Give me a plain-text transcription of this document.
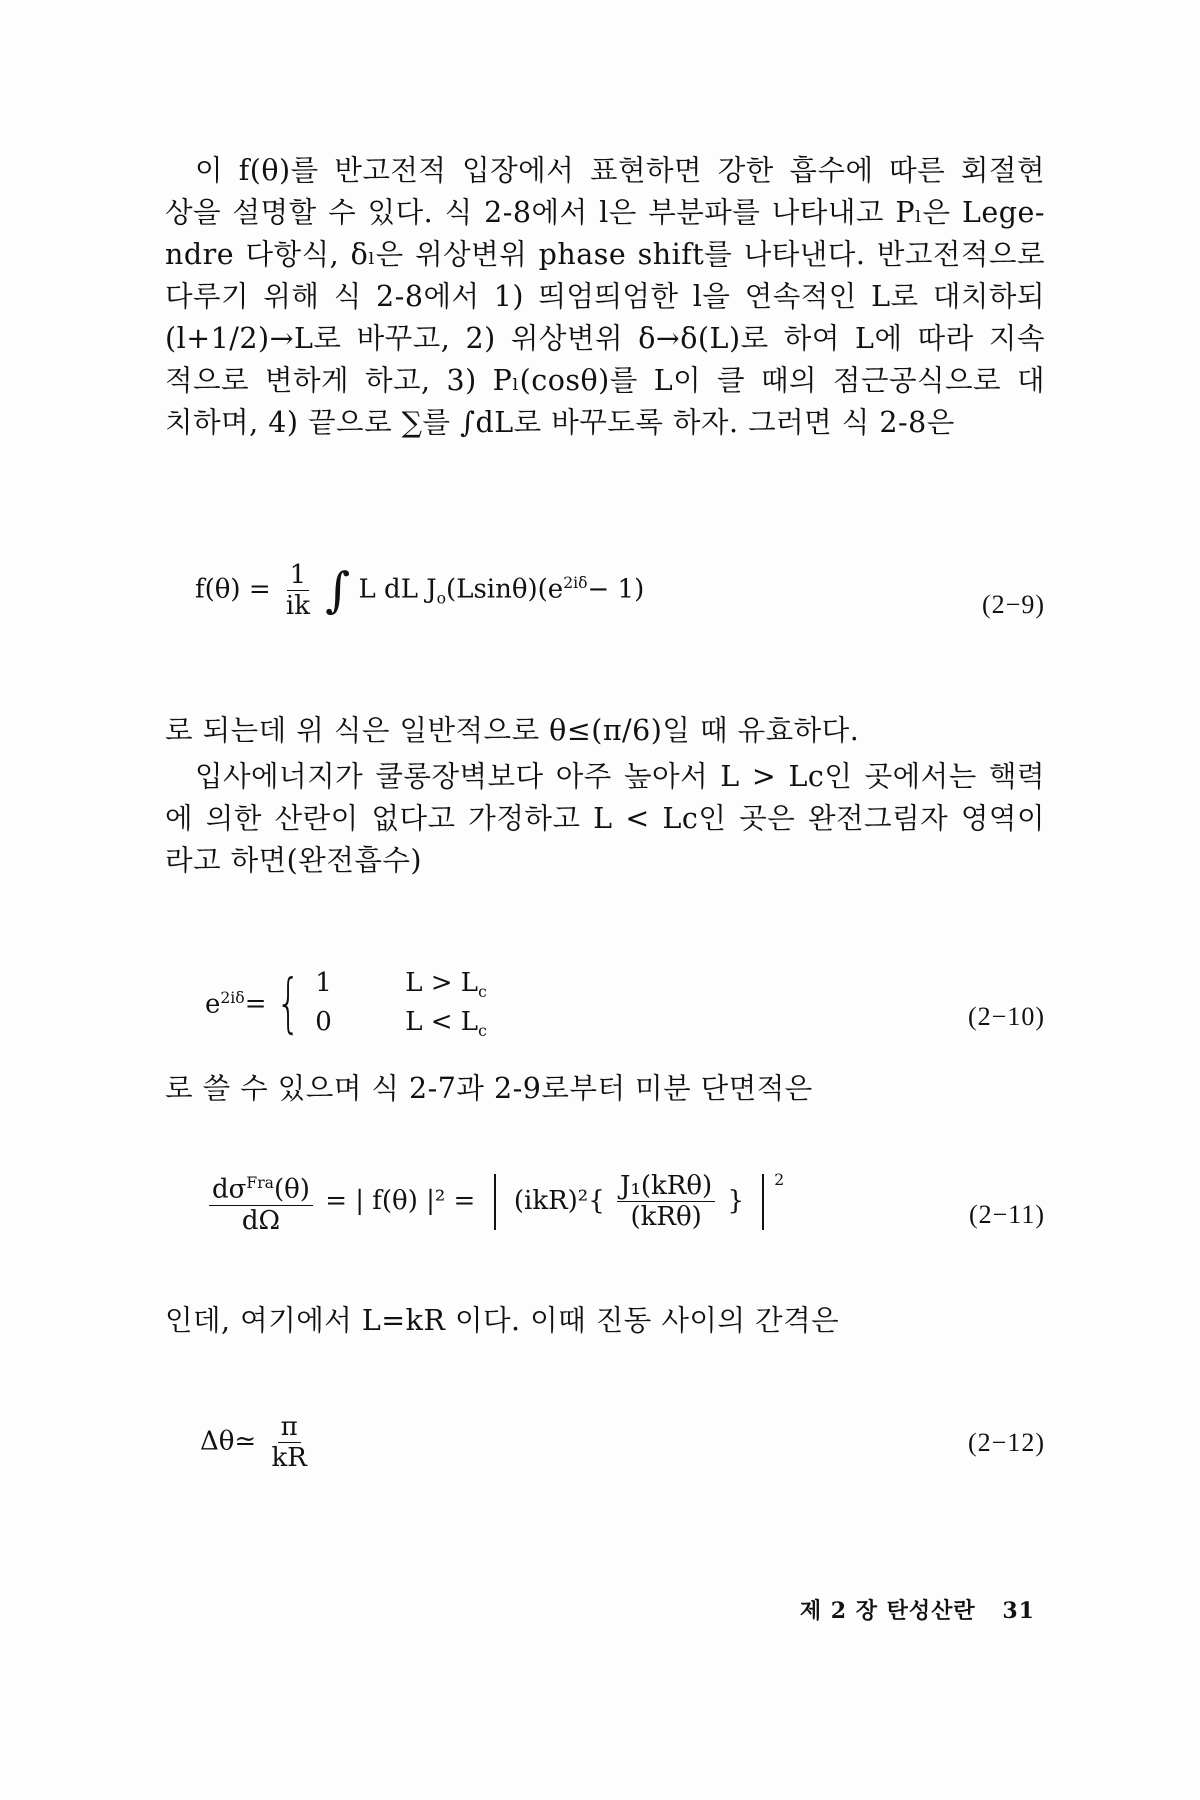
이 f(θ)를 반고전적 입장에서 표현하면 강한 흡수에 따른 회절현
상을 설명할 수 있다. 식 2-8에서 l은 부분파를 나타내고 Pₗ은 Lege-
ndre 다항식, δₗ은 위상변위 phase shift를 나타낸다. 반고전적으로
다루기 위해 식 2-8에서 1) 띄엄띄엄한 l을 연속적인 L로 대치하되
(l+1/2)→L로 바꾸고, 2) 위상변위 δ→δ(L)로 하여 L에 따라 지속
적으로 변하게 하고, 3) Pₗ(cosθ)를 L이 클 때의 점근공식으로 대
치하며, 4) 끝으로 ∑를 ∫dL로 바꾸도록 하자. 그러면 식 2-8은
$f(\theta) = \frac{1}{ik}$ ∫ L dL $J_o(Lsin\theta)(e^{2i\delta}- 1)$	(2−9)
로 되는데 위 식은 일반적으로 θ≤(π/6)일 때 유효하다.
입사에너지가 쿨롱장벽보다 아주 높아서 L > Lc인 곳에서는 핵력
에 의한 산란이 없다고 가정하고 L < Lc인 곳은 완전그림자 영역이
라고 하면(완전흡수)
$e^{2i\delta}$ = { 1	$L > L_c$
0	$L < L_c$
(2−10)
로 쓸 수 있으며 식 2-7과 2-9로부터 미분 단면적은
$\frac{d\sigma^{Fra}(\theta)}{d\Omega}$ = | f(θ) $|^2 = (ikR)^2\{ \frac{\text{J₁(kRθ)}}{\text{(kRθ)}}$ } $^2$
(2−11)
인데, 여기에서 L=kR 이다. 이때 진동 사이의 간격은
Δθ≃ $\frac{\pi}{kR}$	(2−12)
제 2 장 탄성산란 31
